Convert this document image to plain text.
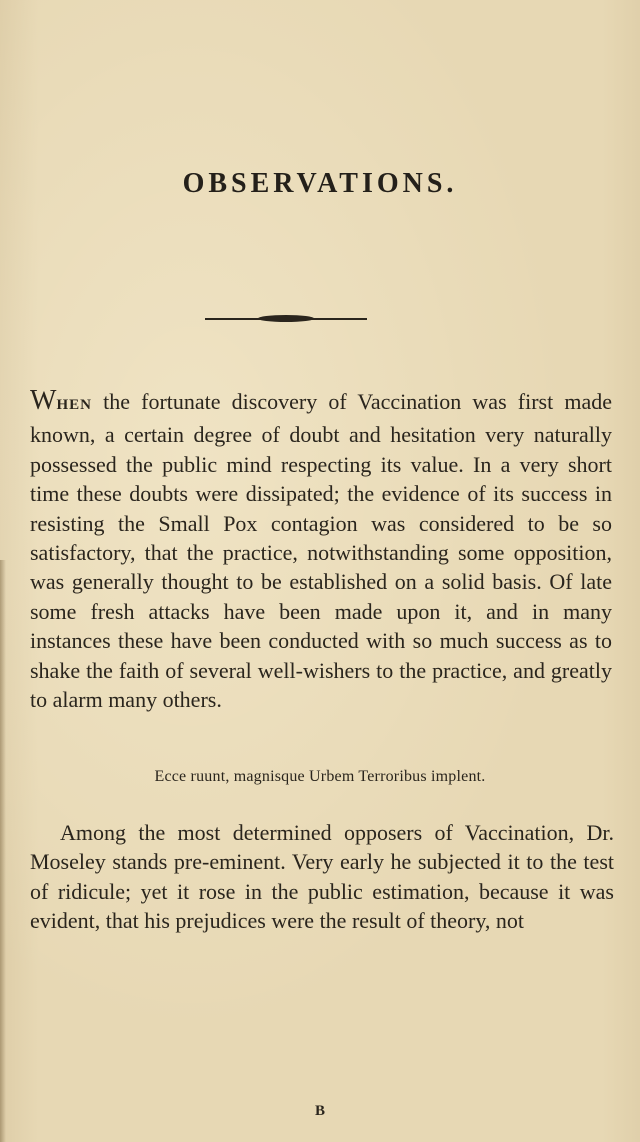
OBSERVATIONS.

WHEN the fortunate discovery of Vaccination was first made known, a certain degree of doubt and hesitation very naturally possessed the public mind respecting its value. In a very short time these doubts were dissipated; the evidence of its success in resisting the Small Pox contagion was considered to be so satisfactory, that the practice, notwithstanding some opposition, was generally thought to be established on a solid basis. Of late some fresh attacks have been made upon it, and in many instances these have been conducted with so much success as to shake the faith of several well-wishers to the practice, and greatly to alarm many others.

Ecce ruunt, magnisque Urbem Terroribus implent.

Among the most determined opposers of Vaccination, Dr. Moseley stands pre-eminent. Very early he subjected it to the test of ridicule; yet it rose in the public estimation, because it was evident, that his prejudices were the result of theory, not

B
